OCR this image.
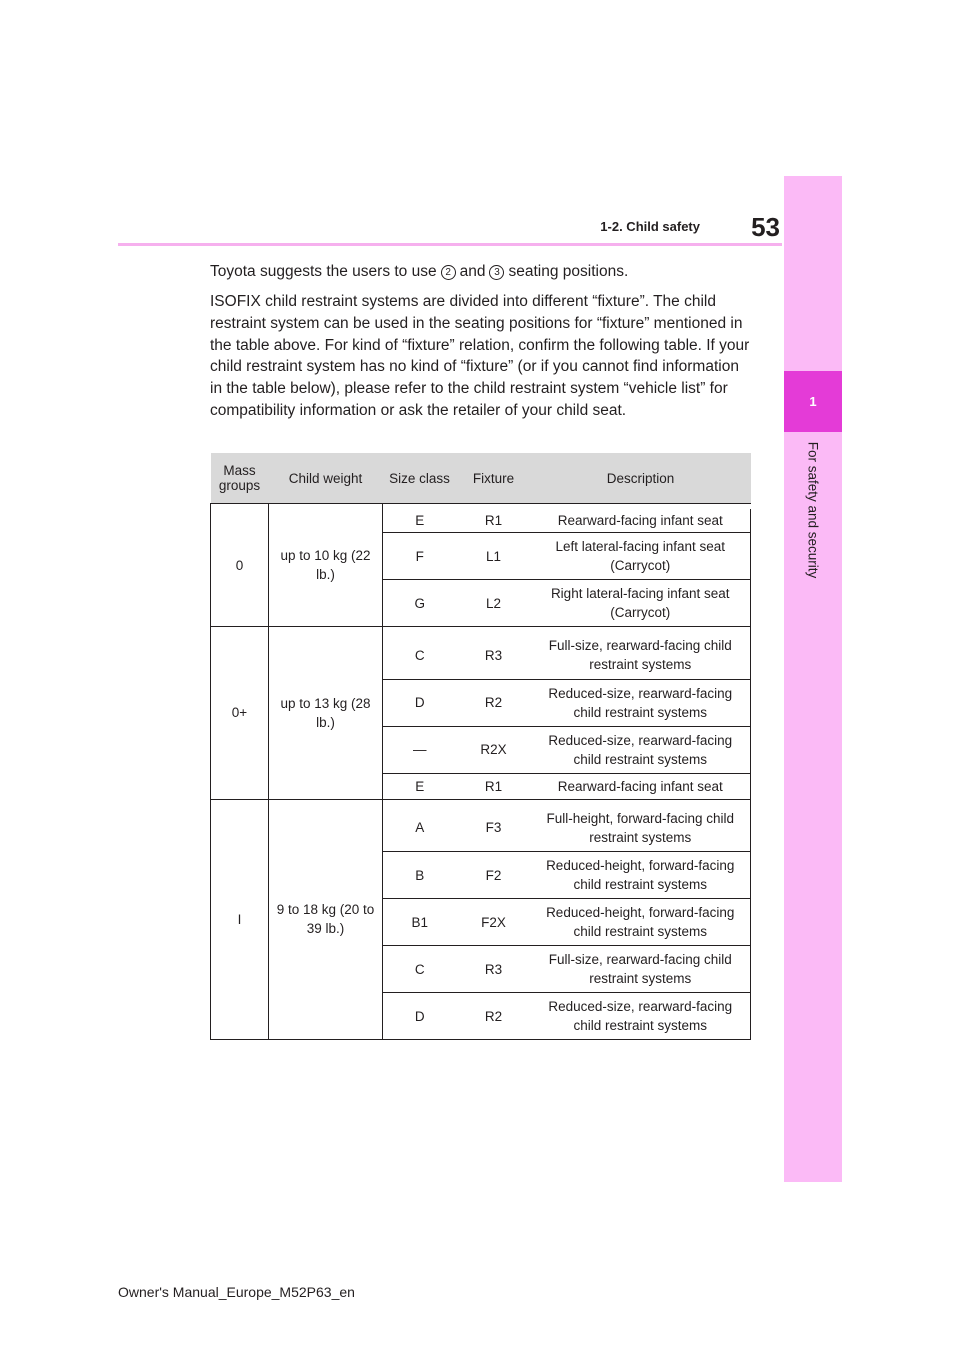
53
1-2. Child safety
1
For safety and security

Toyota suggests the users to use 2 and 3 seating positions.

ISOFIX child restraint systems are divided into different “fixture”. The child restraint system can be used in the seating positions for “fixture” mentioned in the table above. For kind of “fixture” relation, confirm the following table. If your child restraint system has no kind of “fixture” (or if you cannot find information in the table below), please refer to the child restraint system “vehicle list” for compatibility information or ask the retailer of your child seat.

Mass groups	Child weight	Size class	Fixture	Description
0	up to 10 kg (22 lb.)			
		E	R1	Rearward-facing infant seat
		F	L1	Left lateral-facing infant seat (Carrycot)
		G	L2	Right lateral-facing infant seat (Carrycot)
0+	up to 13 kg (28 lb.)			
		C	R3	Full-size, rearward-facing child restraint systems
		D	R2	Reduced-size, rearward-facing child restraint systems
		—	R2X	Reduced-size, rearward-facing child restraint systems
		E	R1	Rearward-facing infant seat
I	9 to 18 kg (20 to 39 lb.)			
		A	F3	Full-height, forward-facing child restraint systems
		B	F2	Reduced-height, forward-facing child restraint systems
		B1	F2X	Reduced-height, forward-facing child restraint systems
		C	R3	Full-size, rearward-facing child restraint systems
		D	R2	Reduced-size, rearward-facing child restraint systems
Owner's Manual_Europe_M52P63_en
